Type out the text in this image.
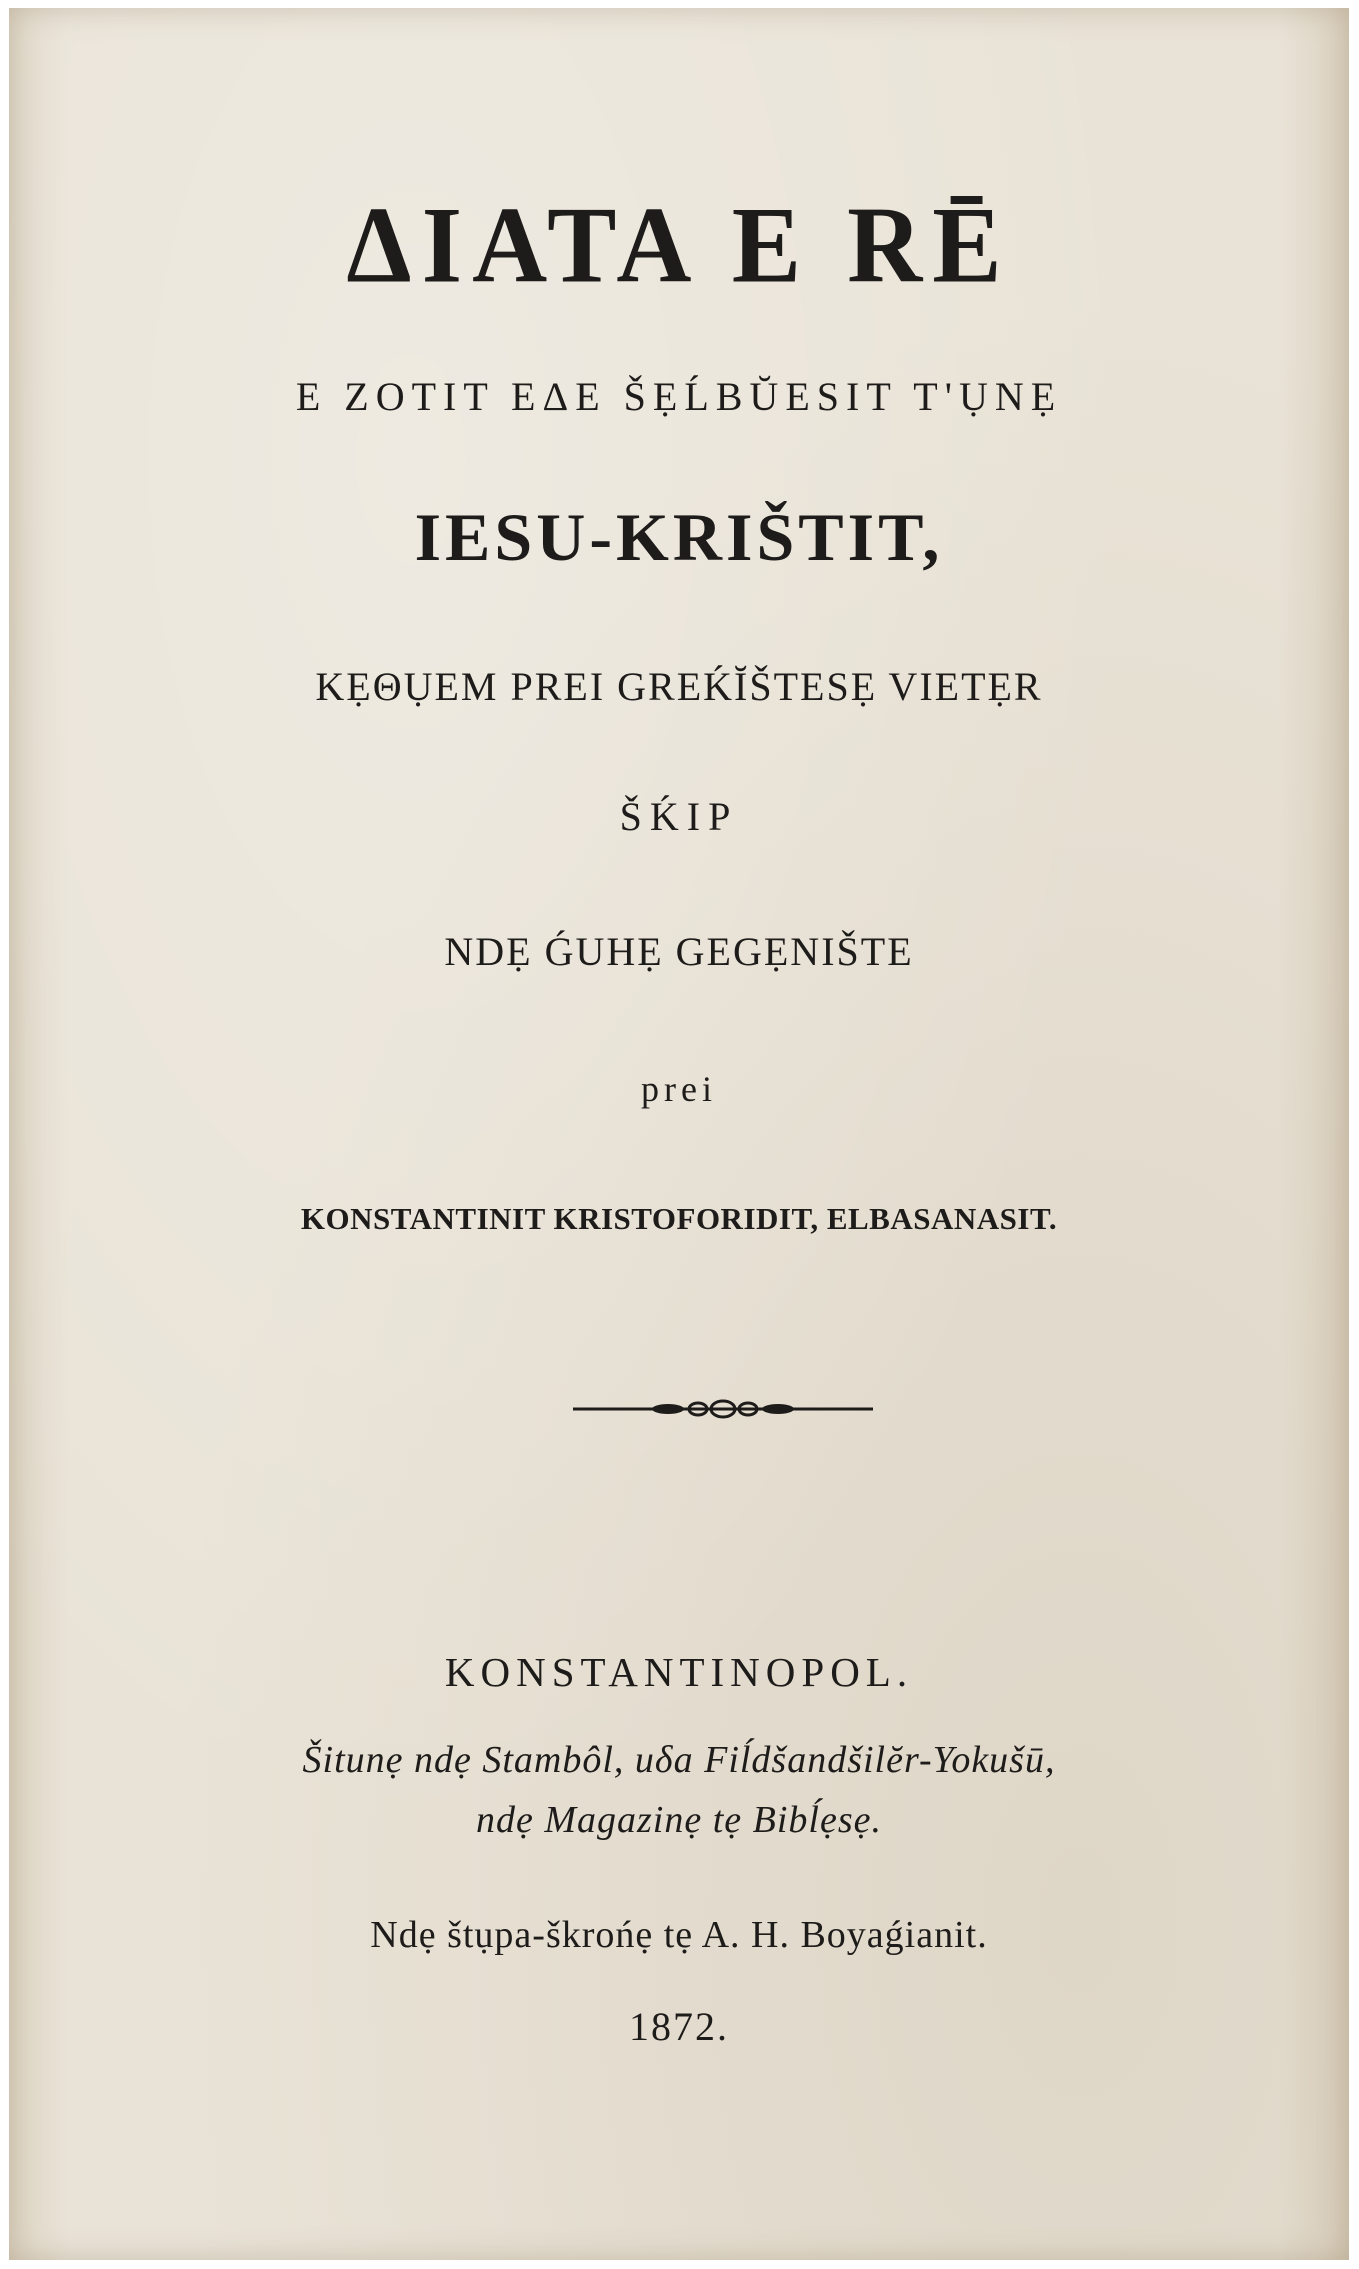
ΔΙΑΤΑ E RĒ
E ZOTIT EΔE ŠẸĹBŬESIT T'ỤNẸ
IESU-KRIŠTIT,
KẸΘỤEM PREI GREḰĬŠTESẸ VIETẸR
ŠḰIP
NDẸ ǴUHẸ GEGẸNIŠTE
prei
KONSTANTINIT KRISTOFORIDIT, ELBASANASIT.
KONSTANTINOPOL.
Šitunẹ ndẹ Stambôl, uδa Fiĺdšandšilĕr-Yokušū,
ndẹ Magazinẹ tẹ Bibĺẹsẹ.
Ndẹ štụpa-škrońẹ tẹ A. H. Boyaǵianit.
1872.
